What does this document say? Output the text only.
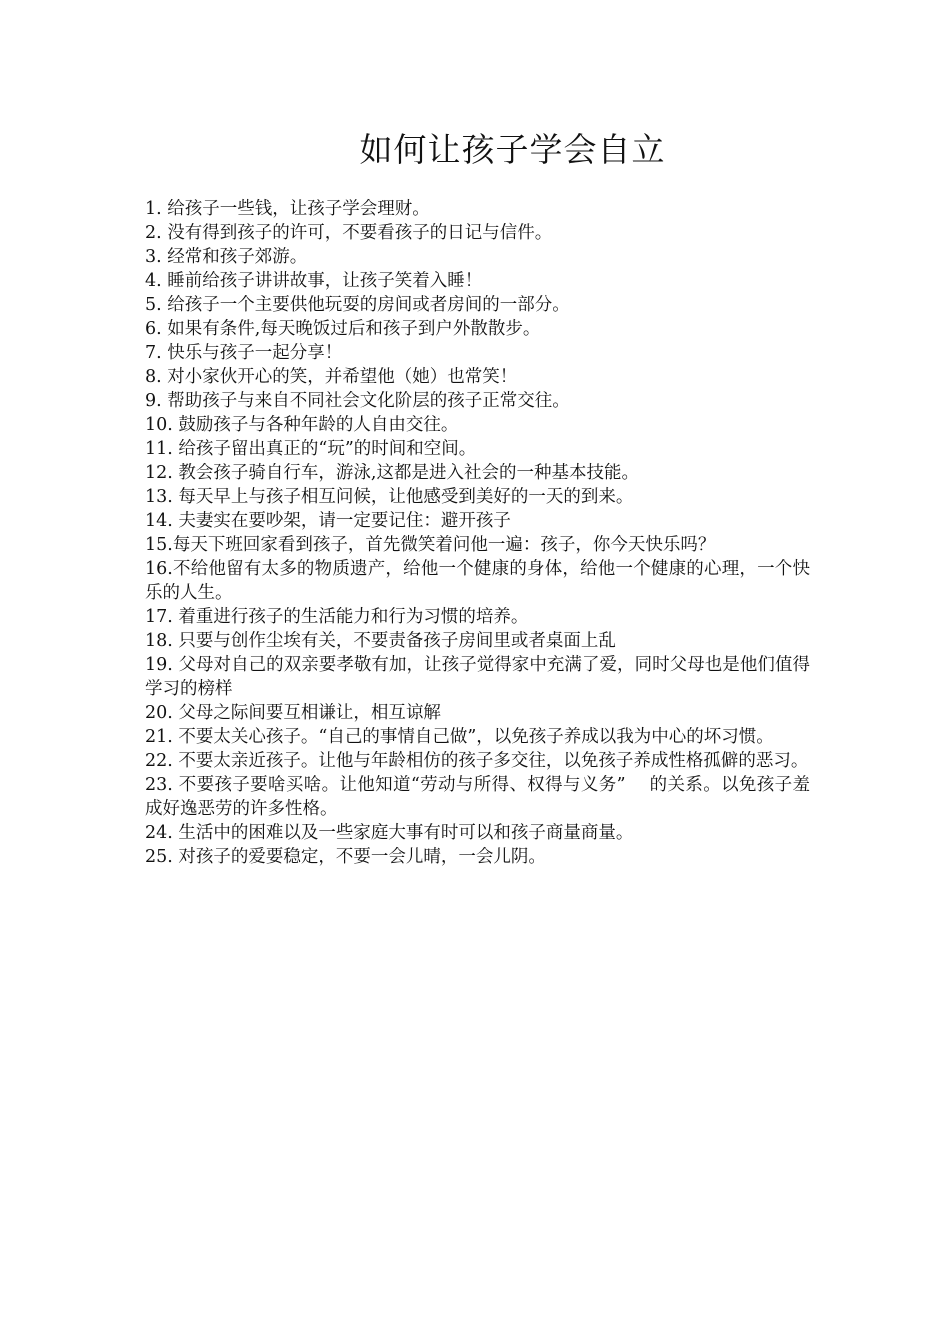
如何让孩子学会自立
1. 给孩子一些钱，让孩子学会理财。
2. 没有得到孩子的许可，不要看孩子的日记与信件。
3. 经常和孩子郊游。
4. 睡前给孩子讲讲故事，让孩子笑着入睡！
5. 给孩子一个主要供他玩耍的房间或者房间的一部分。
6. 如果有条件,每天晚饭过后和孩子到户外散散步。
7. 快乐与孩子一起分享！
8. 对小家伙开心的笑，并希望他（她）也常笑！
9. 帮助孩子与来自不同社会文化阶层的孩子正常交往。
10. 鼓励孩子与各种年龄的人自由交往。
11. 给孩子留出真正的“玩”的时间和空间。
12. 教会孩子骑自行车，游泳,这都是进入社会的一种基本技能。
13. 每天早上与孩子相互问候，让他感受到美好的一天的到来。
14. 夫妻实在要吵架，请一定要记住：避开孩子
15.每天下班回家看到孩子，首先微笑着问他一遍：孩子，你今天快乐吗？
16.不给他留有太多的物质遗产，给他一个健康的身体，给他一个健康的心理，一个快乐的人生。
17. 着重进行孩子的生活能力和行为习惯的培养。
18. 只要与创作尘埃有关，不要责备孩子房间里或者桌面上乱
19. 父母对自己的双亲要孝敬有加，让孩子觉得家中充满了爱，同时父母也是他们值得学习的榜样
20. 父母之际间要互相谦让，相互谅解
21. 不要太关心孩子。“自己的事情自己做”，以免孩子养成以我为中心的坏习惯。
22. 不要太亲近孩子。让他与年龄相仿的孩子多交往，以免孩子养成性格孤僻的恶习。
23. 不要孩子要啥买啥。让他知道“劳动与所得、权得与义务”　 的关系。以免孩子羞成好逸恶劳的许多性格。
24. 生活中的困难以及一些家庭大事有时可以和孩子商量商量。
25. 对孩子的爱要稳定，不要一会儿晴，一会儿阴。
